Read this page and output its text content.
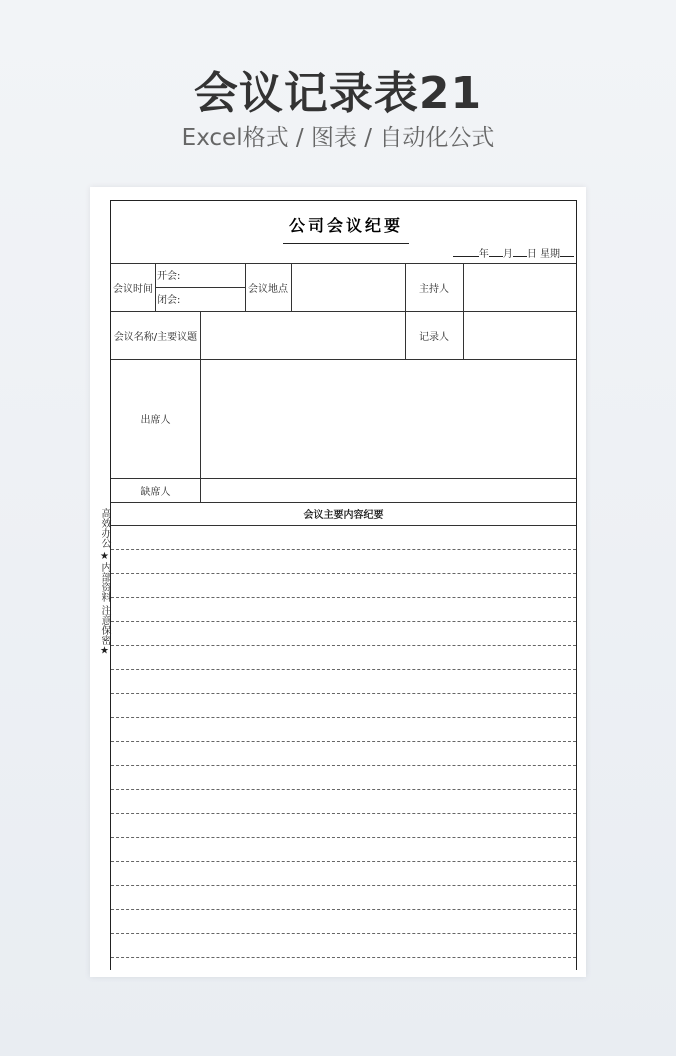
会议记录表21
Excel格式 / 图表 / 自动化公式
高效办公 ★内部资料 注意保密★
公司会议纪要
年 月 日 星期
会议时间
开会:
闭会:
会议地点	主持人
会议名称/主要议题	记录人
出席人
缺席人
会议主要内容纪要
